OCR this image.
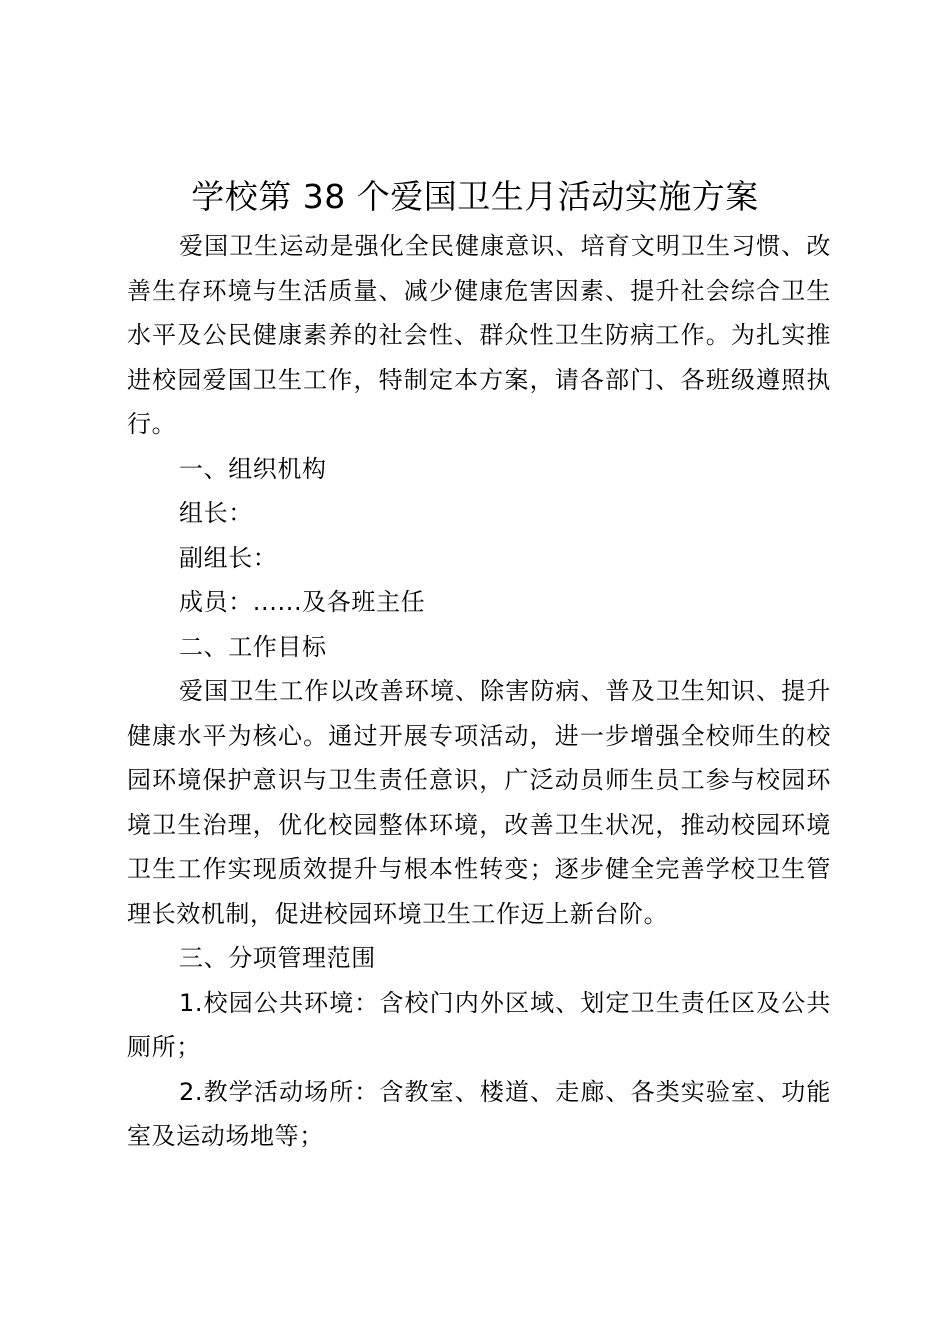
学校第 38 个爱国卫生月活动实施方案

爱国卫生运动是强化全民健康意识、培育文明卫生习惯、改善生存环境与生活质量、减少健康危害因素、提升社会综合卫生水平及公民健康素养的社会性、群众性卫生防病工作。为扎实推进校园爱国卫生工作，特制定本方案，请各部门、各班级遵照执行。

一、组织机构

组长：

副组长：

成员：......及各班主任

二、工作目标

爱国卫生工作以改善环境、除害防病、普及卫生知识、提升健康水平为核心。通过开展专项活动，进一步增强全校师生的校园环境保护意识与卫生责任意识，广泛动员师生员工参与校园环境卫生治理，优化校园整体环境，改善卫生状况，推动校园环境卫生工作实现质效提升与根本性转变；逐步健全完善学校卫生管理长效机制，促进校园环境卫生工作迈上新台阶。

三、分项管理范围

1.校园公共环境：含校门内外区域、划定卫生责任区及公共厕所；

2.教学活动场所：含教室、楼道、走廊、各类实验室、功能室及运动场地等；
